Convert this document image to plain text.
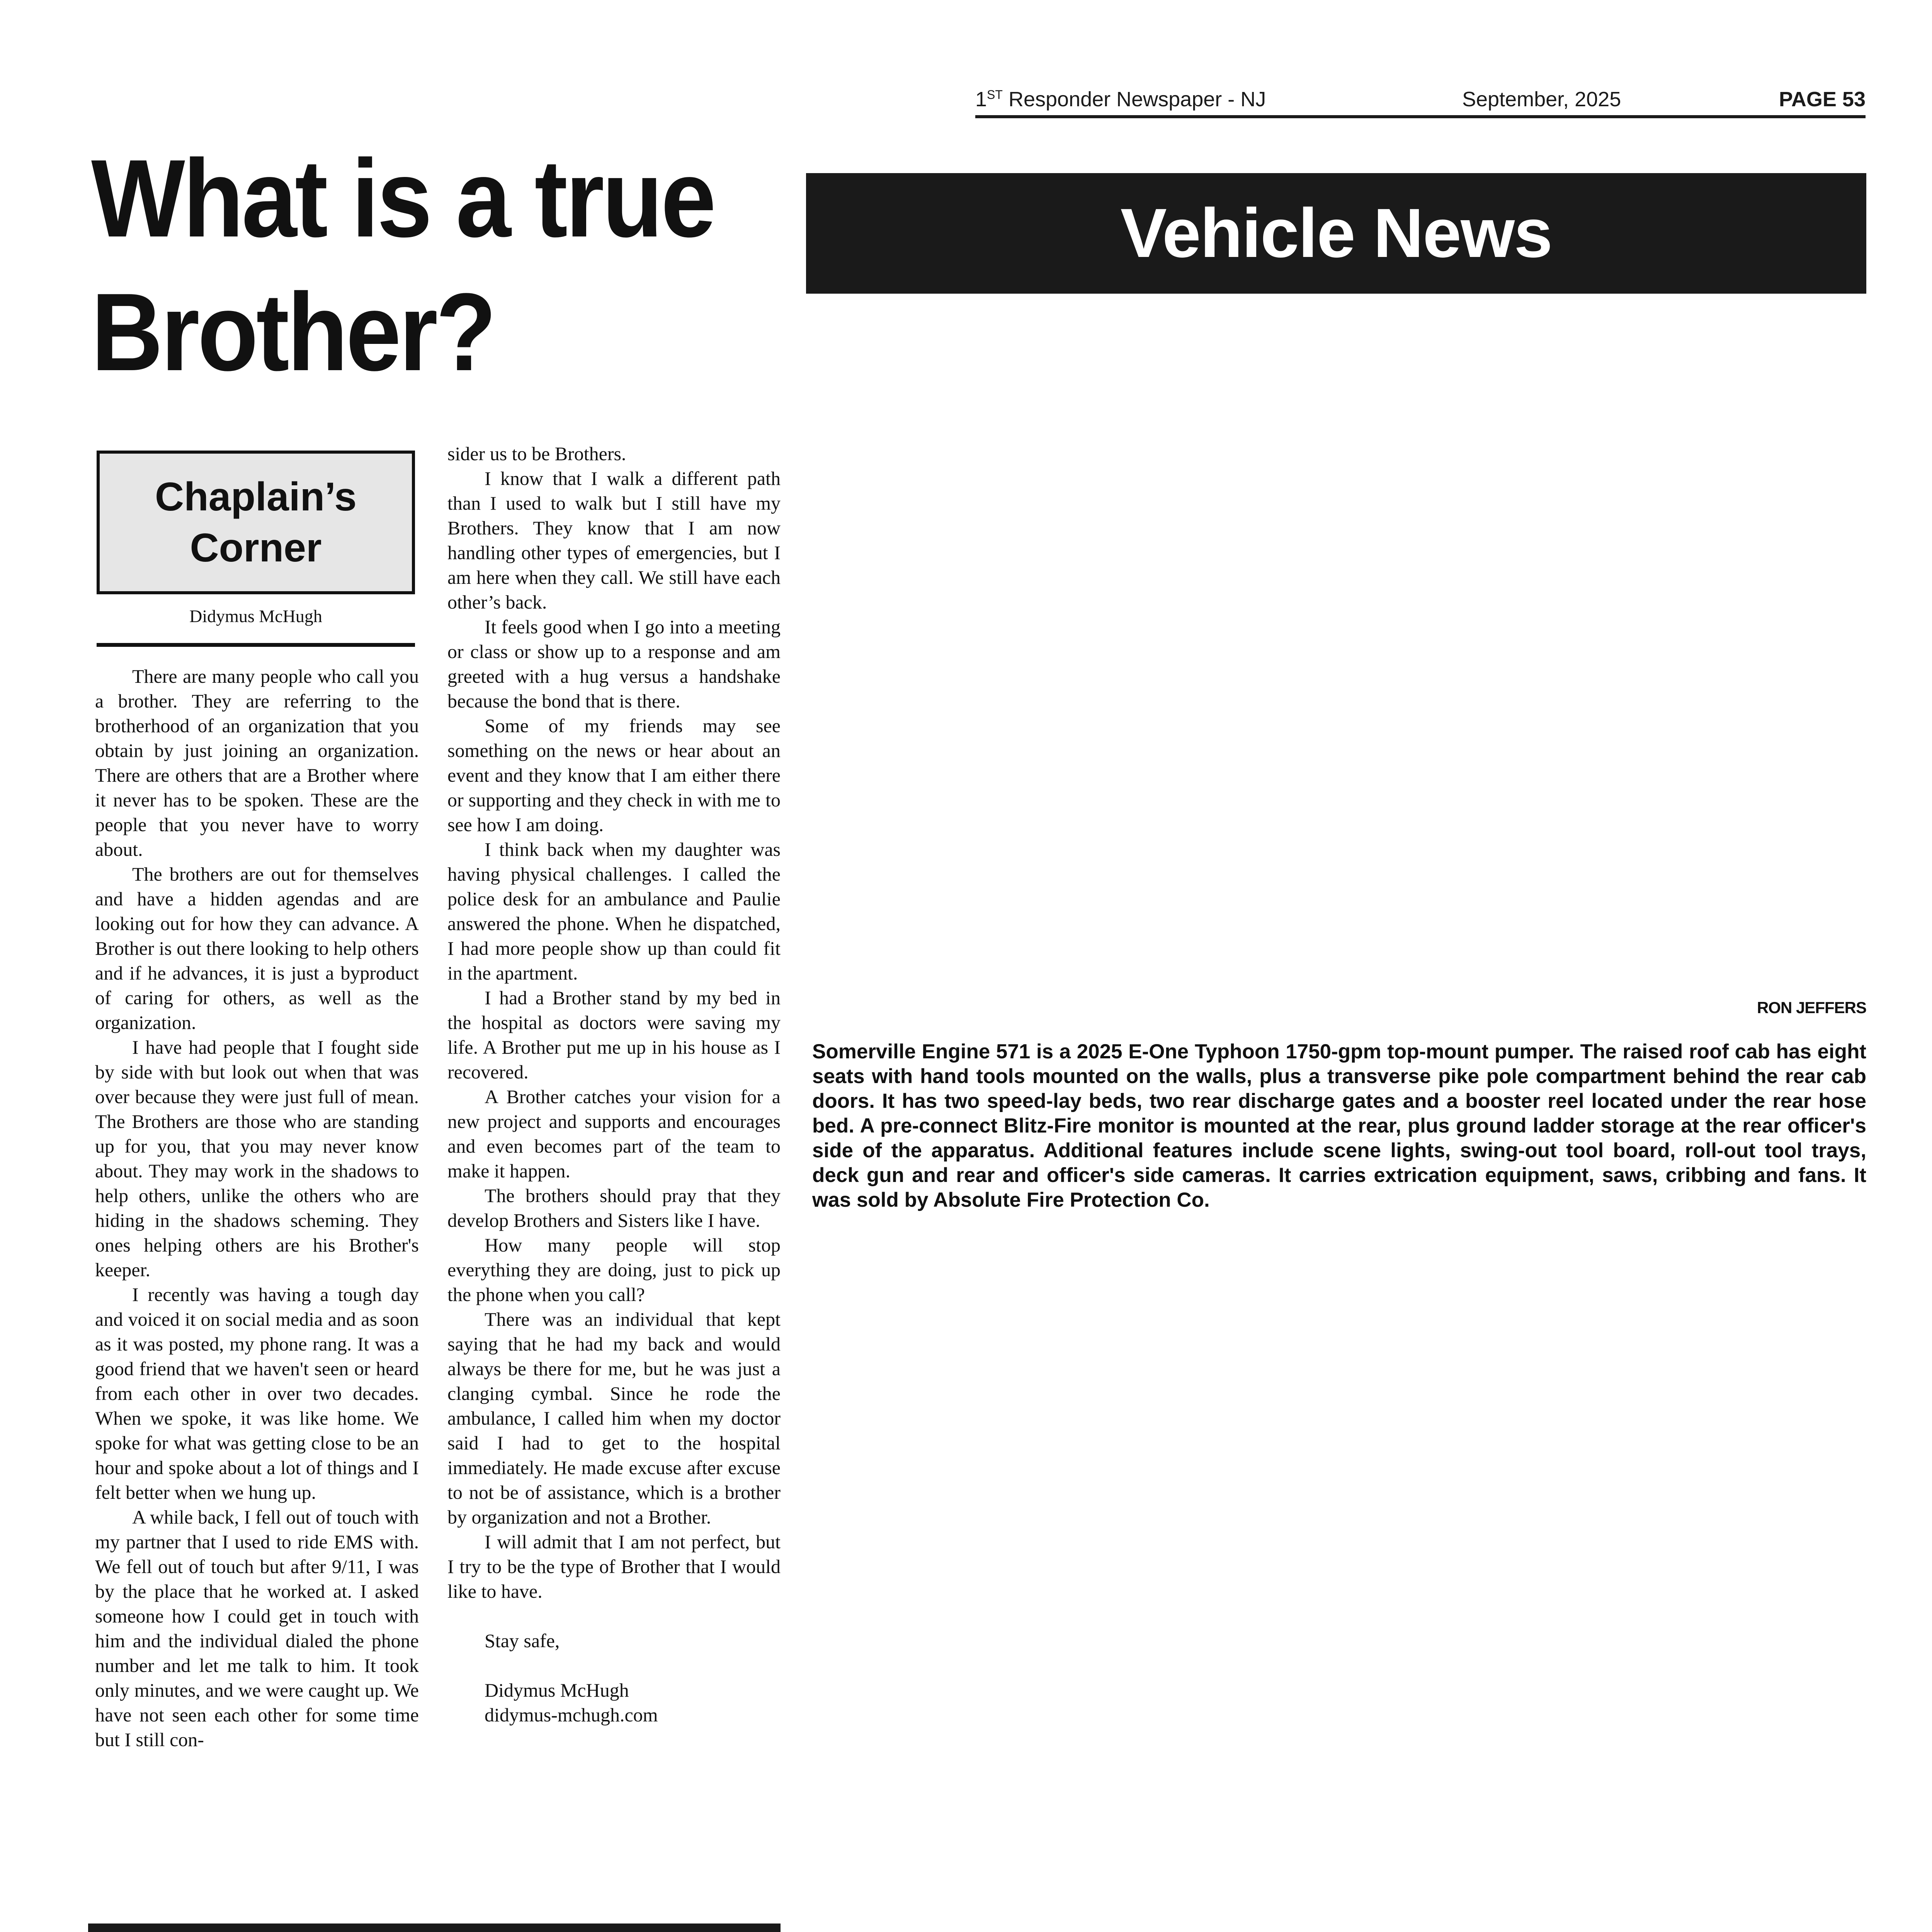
1ST Responder Newspaper - NJ	September, 2025	PAGE 53
What is a true
Brother?
Vehicle News
Chaplain’s
Corner
Didymus McHugh

There are many people who call you a brother. They are referring to the brotherhood of an organization that you obtain by just joining an organization. There are others that are a Brother where it never has to be spoken. These are the people that you never have to worry about.

The brothers are out for themselves and have a hidden agendas and are looking out for how they can advance. A Brother is out there looking to help others and if he advances, it is just a byproduct of caring for others, as well as the organization.

I have had people that I fought side by side with but look out when that was over because they were just full of mean. The Brothers are those who are standing up for you, that you may never know about. They may work in the shadows to help others, unlike the others who are hiding in the shadows scheming. They ones helping others are his Brother's keeper.

I recently was having a tough day and voiced it on social media and as soon as it was posted, my phone rang. It was a good friend that we haven't seen or heard from each other in over two decades. When we spoke, it was like home. We spoke for what was getting close to be an hour and spoke about a lot of things and I felt better when we hung up.

A while back, I fell out of touch with my partner that I used to ride EMS with. We fell out of touch but after 9/11, I was by the place that he worked at. I asked someone how I could get in touch with him and the individual dialed the phone number and let me talk to him. It took only minutes, and we were caught up. We have not seen each other for some time but I still con-

sider us to be Brothers.

I know that I walk a different path than I used to walk but I still have my Brothers. They know that I am now handling other types of emergencies, but I am here when they call. We still have each other’s back.

It feels good when I go into a meeting or class or show up to a response and am greeted with a hug versus a handshake because the bond that is there.

Some of my friends may see something on the news or hear about an event and they know that I am either there or supporting and they check in with me to see how I am doing.

I think back when my daughter was having physical challenges. I called the police desk for an ambulance and Paulie answered the phone. When he dispatched, I had more people show up than could fit in the apartment.

I had a Brother stand by my bed in the hospital as doctors were saving my life. A Brother put me up in his house as I recovered.

A Brother catches your vision for a new project and supports and encourages and even becomes part of the team to make it happen.

The brothers should pray that they develop Brothers and Sisters like I have.

How many people will stop everything they are doing, just to pick up the phone when you call?

There was an individual that kept saying that he had my back and would always be there for me, but he was just a clanging cymbal. Since he rode the ambulance, I called him when my doctor said I had to get to the hospital immediately. He made excuse after excuse to not be of assistance, which is a brother by organization and not a Brother.

I will admit that I am not perfect, but I try to be the type of Brother that I would like to have.

Stay safe,

Didymus McHugh

didymus-mchugh.com

RON JEFFERS
Somerville Engine 571 is a 2025 E-One Typhoon 1750-gpm top-mount pumper. The raised roof cab has eight seats with hand tools mounted on the walls, plus a transverse pike pole compartment behind the rear cab doors. It has two speed-lay beds, two rear discharge gates and a booster reel located under the rear hose bed. A pre-connect Blitz-Fire monitor is mounted at the rear, plus ground ladder storage at the rear officer's side of the apparatus. Additional features include scene lights, swing-out tool board, roll-out tool trays, deck gun and rear and officer's side cameras. It carries extrication equipment, saws, cribbing and fans. It was sold by Absolute Fire Protection Co.
